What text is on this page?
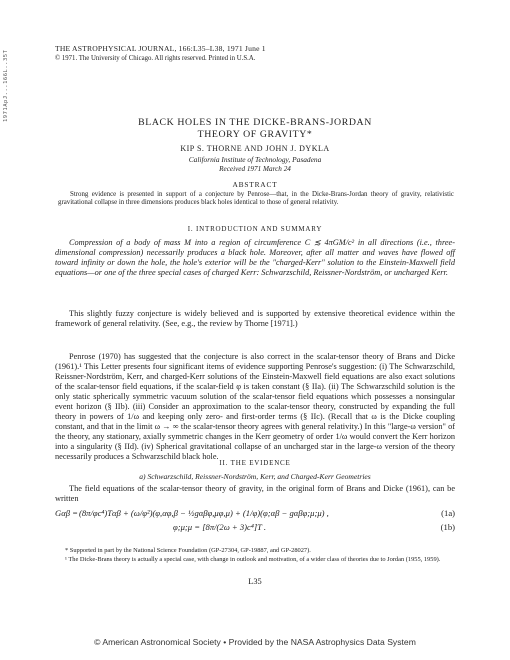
1971ApJ...166L..35T
THE ASTROPHYSICAL JOURNAL, 166:L35–L38, 1971 June 1
© 1971. The University of Chicago. All rights reserved. Printed in U.S.A.
BLACK HOLES IN THE DICKE-BRANS-JORDAN
THEORY OF GRAVITY*
KIP S. THORNE AND JOHN J. DYKLA
California Institute of Technology, Pasadena
Received 1971 March 24
ABSTRACT

Strong evidence is presented in support of a conjecture by Penrose—that, in the Dicke-Brans-Jordan theory of gravity, relativistic gravitational collapse in three dimensions produces black holes identical to those of general relativity.

I. INTRODUCTION AND SUMMARY

Compression of a body of mass M into a region of circumference C ≲ 4πGM/c² in all directions (i.e., three-dimensional compression) necessarily produces a black hole. Moreover, after all matter and waves have flowed off toward infinity or down the hole, the hole's exterior will be the "charged-Kerr" solution to the Einstein-Maxwell field equations—or one of the three special cases of charged Kerr: Schwarzschild, Reissner-Nordström, or uncharged Kerr.

This slightly fuzzy conjecture is widely believed and is supported by extensive theoretical evidence within the framework of general relativity. (See, e.g., the review by Thorne [1971].)

Penrose (1970) has suggested that the conjecture is also correct in the scalar-tensor theory of Brans and Dicke (1961).¹ This Letter presents four significant items of evidence supporting Penrose's suggestion: (i) The Schwarzschild, Reissner-Nordström, Kerr, and charged-Kerr solutions of the Einstein-Maxwell field equations are also exact solutions of the scalar-tensor field equations, if the scalar-field φ is taken constant (§ IIa). (ii) The Schwarzschild solution is the only static spherically symmetric vacuum solution of the scalar-tensor field equations which possesses a nonsingular event horizon (§ IIb). (iii) Consider an approximation to the scalar-tensor theory, constructed by expanding the full theory in powers of 1/ω and keeping only zero- and first-order terms (§ IIc). (Recall that ω is the Dicke coupling constant, and that in the limit ω → ∞ the scalar-tensor theory agrees with general relativity.) In this "large-ω version" of the theory, any stationary, axially symmetric changes in the Kerr geometry of order 1/ω would convert the Kerr horizon into a singularity (§ IId). (iv) Spherical gravitational collapse of an uncharged star in the large-ω version of the theory necessarily produces a Schwarzschild black hole.

II. THE EVIDENCE
a) Schwarzschild, Reissner-Nordström, Kerr, and Charged-Kerr Geometries

The field equations of the scalar-tensor theory of gravity, in the original form of Brans and Dicke (1961), can be written

Gαβ = (8π/φc⁴)Tαβ + (ω/φ²)(φ,αφ,β − ½gαβφ,μφ,μ) + (1/φ)(φ;αβ − gαβφ;μ;μ) ,	(1a)
φ;μ;μ = [8π/(2ω + 3)c⁴]T .	(1b)

* Supported in part by the National Science Foundation (GP-27304, GP-19887, and GP-28027).

¹ The Dicke-Brans theory is actually a special case, with change in outlook and motivation, of a wider class of theories due to Jordan (1955, 1959).

L35
© American Astronomical Society • Provided by the NASA Astrophysics Data System
